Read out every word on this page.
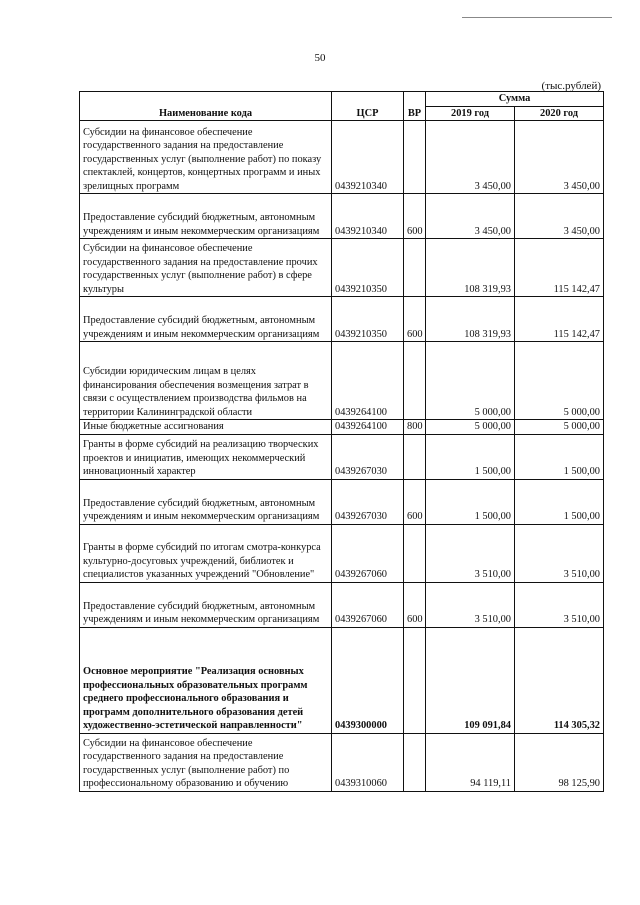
50
(тыс.рублей)
Наименование кода	ЦСР	ВР	Сумма	
			2019 год	2020 год
Субсидии на финансовое обеспечение государственного задания на предоставление государственных услуг (выполнение работ) по показу спектаклей, концертов, концертных программ и иных зрелищных программ	0439210340		3 450,00	3 450,00
Предоставление субсидий бюджетным, автономным учреждениям и иным некоммерческим организациям	0439210340	600	3 450,00	3 450,00
Субсидии на финансовое обеспечение государственного задания на предоставление прочих государственных услуг (выполнение работ) в сфере культуры	0439210350		108 319,93	115 142,47
Предоставление субсидий бюджетным, автономным учреждениям и иным некоммерческим организациям	0439210350	600	108 319,93	115 142,47
Субсидии юридическим лицам в целях финансирования обеспечения возмещения затрат в связи с осуществлением производства фильмов на территории Калининградской области	0439264100		5 000,00	5 000,00
Иные бюджетные ассигнования	0439264100	800	5 000,00	5 000,00
Гранты в форме субсидий на реализацию творческих проектов и инициатив, имеющих некоммерческий инновационный характер	0439267030		1 500,00	1 500,00
Предоставление субсидий бюджетным, автономным учреждениям и иным некоммерческим организациям	0439267030	600	1 500,00	1 500,00
Гранты в форме субсидий по итогам смотра-конкурса культурно-досуговых учреждений, библиотек и специалистов указанных учреждений "Обновление"	0439267060		3 510,00	3 510,00
Предоставление субсидий бюджетным, автономным учреждениям и иным некоммерческим организациям	0439267060	600	3 510,00	3 510,00
Основное мероприятие "Реализация основных профессиональных образовательных программ среднего профессионального образования и программ дополнительного образования детей художественно-эстетической направленности"	0439300000		109 091,84	114 305,32
Субсидии на финансовое обеспечение государственного задания на предоставление государственных услуг (выполнение работ) по профессиональному образованию и обучению	0439310060		94 119,11	98 125,90
